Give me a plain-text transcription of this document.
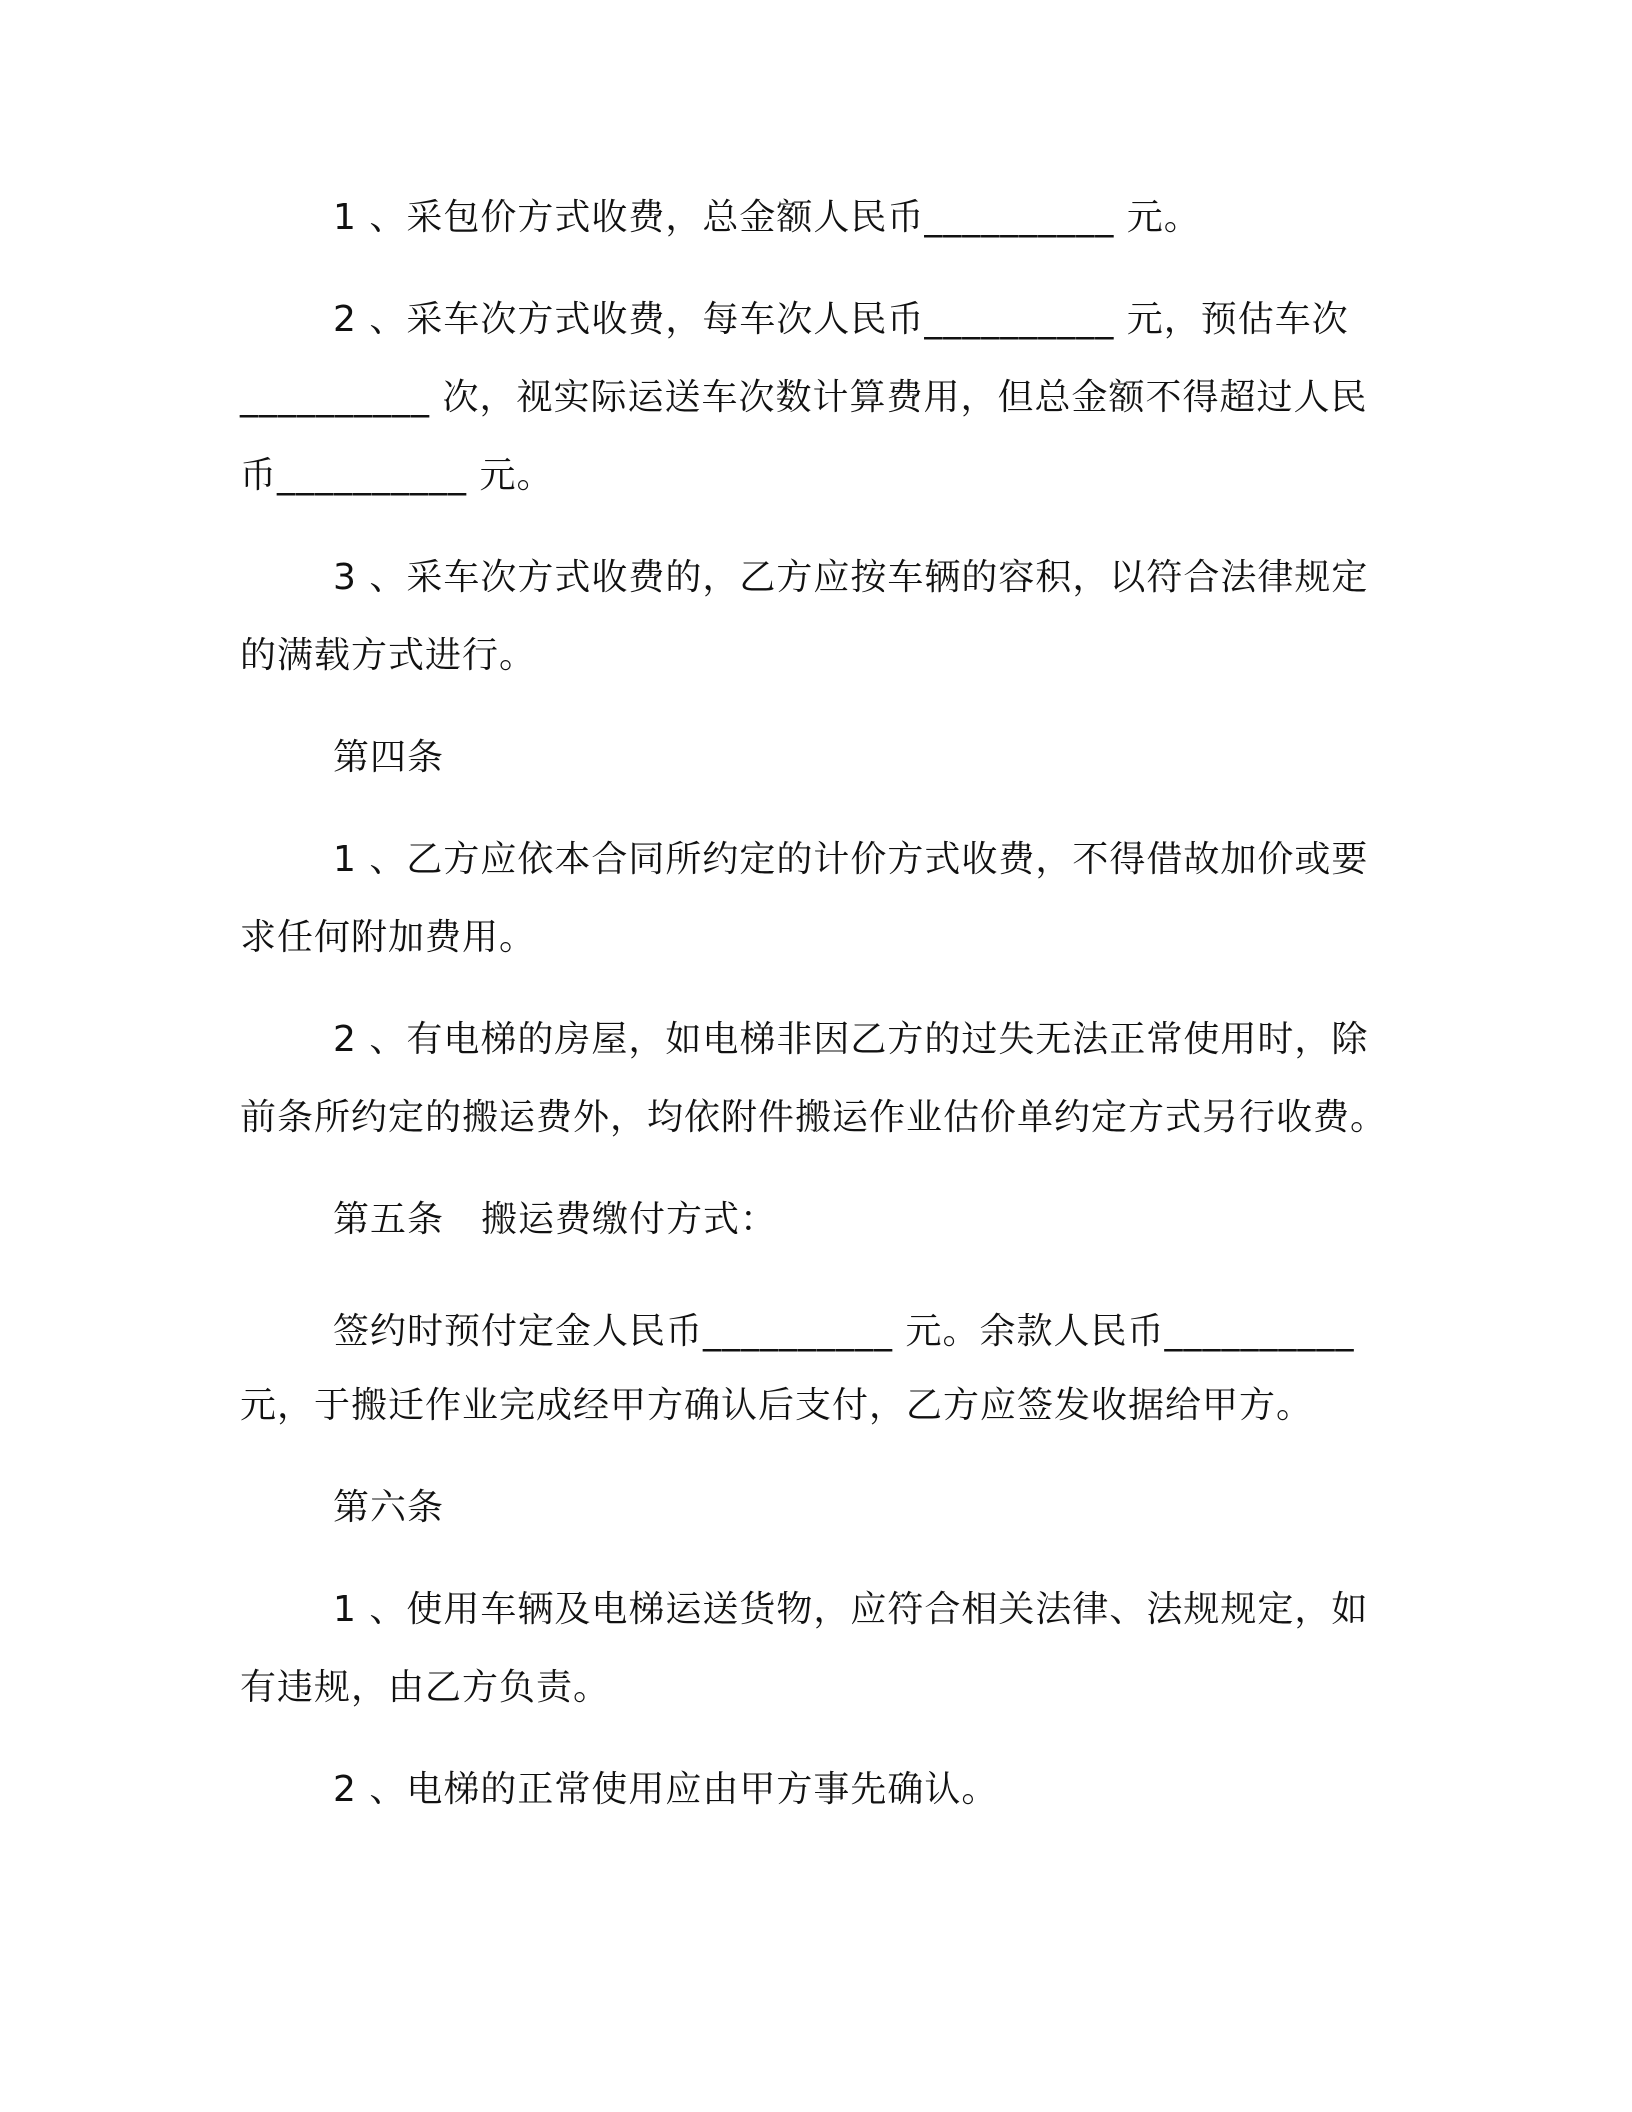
1 、采包价方式收费，总金额人民币__________ 元。
2 、采车次方式收费，每车次人民币__________ 元，预估车次
__________ 次，视实际运送车次数计算费用，但总金额不得超过人民
币__________ 元。
3 、采车次方式收费的，乙方应按车辆的容积，以符合法律规定
的满载方式进行。
第四条
1 、乙方应依本合同所约定的计价方式收费，不得借故加价或要
求任何附加费用。
2 、有电梯的房屋，如电梯非因乙方的过失无法正常使用时，除
前条所约定的搬运费外，均依附件搬运作业估价单约定方式另行收费。
第五条　搬运费缴付方式：
签约时预付定金人民币__________ 元。余款人民币__________
元，于搬迁作业完成经甲方确认后支付，乙方应签发收据给甲方。
第六条
1 、使用车辆及电梯运送货物，应符合相关法律、法规规定，如
有违规，由乙方负责。
2 、电梯的正常使用应由甲方事先确认。
